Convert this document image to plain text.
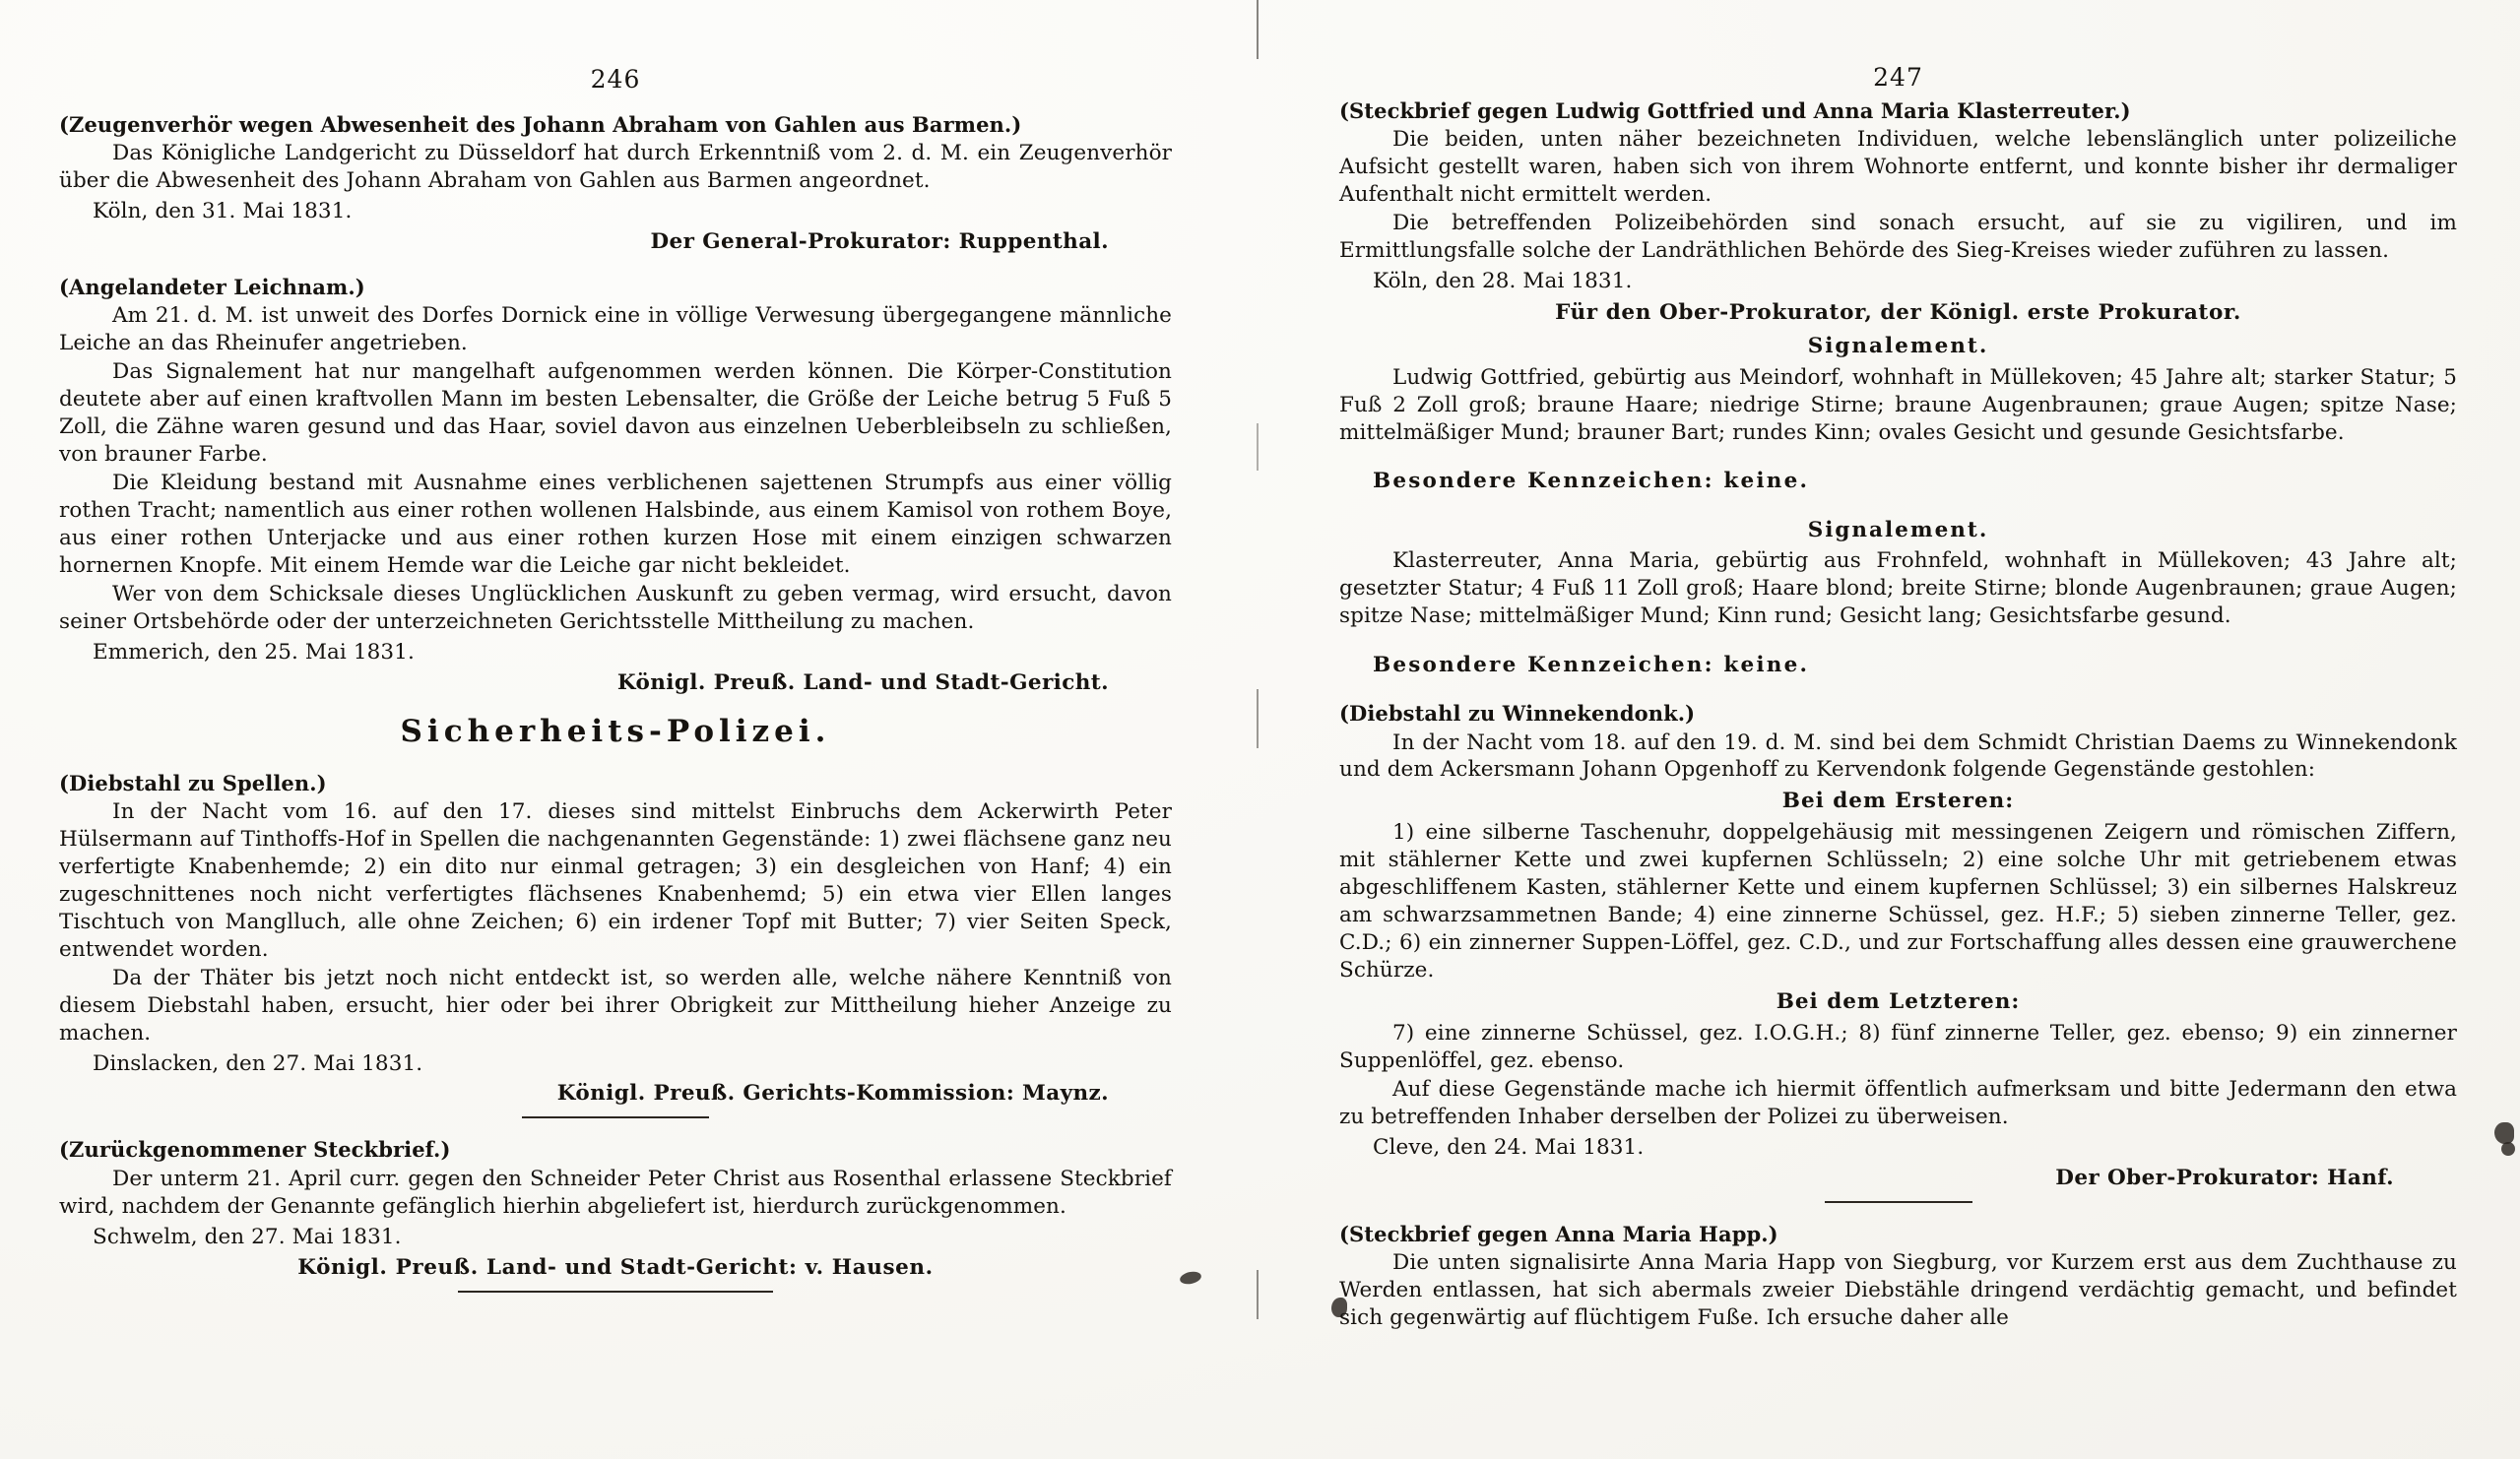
246
(Zeugenverhör wegen Abwesenheit des Johann Abraham von Gahlen aus Barmen.)

Das Königliche Landgericht zu Düsseldorf hat durch Erkenntniß vom 2. d. M. ein Zeugenverhör über die Abwesenheit des Johann Abraham von Gahlen aus Barmen angeordnet.

Köln, den 31. Mai 1831.

Der General-Prokurator: Ruppenthal.

(Angelandeter Leichnam.)

Am 21. d. M. ist unweit des Dorfes Dornick eine in völlige Verwesung übergegangene männliche Leiche an das Rheinufer angetrieben.

Das Signalement hat nur mangelhaft aufgenommen werden können. Die Körper-Constitution deutete aber auf einen kraftvollen Mann im besten Lebensalter, die Größe der Leiche betrug 5 Fuß 5 Zoll, die Zähne waren gesund und das Haar, soviel davon aus einzelnen Ueberbleibseln zu schließen, von brauner Farbe.

Die Kleidung bestand mit Ausnahme eines verblichenen sajettenen Strumpfs aus einer völlig rothen Tracht; namentlich aus einer rothen wollenen Halsbinde, aus einem Kamisol von rothem Boye, aus einer rothen Unterjacke und aus einer rothen kurzen Hose mit einem einzigen schwarzen hornernen Knopfe. Mit einem Hemde war die Leiche gar nicht bekleidet.

Wer von dem Schicksale dieses Unglücklichen Auskunft zu geben vermag, wird ersucht, davon seiner Ortsbehörde oder der unterzeichneten Gerichtsstelle Mittheilung zu machen.

Emmerich, den 25. Mai 1831.

Königl. Preuß. Land- und Stadt-Gericht.

Sicherheits-Polizei.
(Diebstahl zu Spellen.)

In der Nacht vom 16. auf den 17. dieses sind mittelst Einbruchs dem Ackerwirth Peter Hülsermann auf Tinthoffs-Hof in Spellen die nachgenannten Gegenstände: 1) zwei flächsene ganz neu verfertigte Knabenhemde; 2) ein dito nur einmal getragen; 3) ein desgleichen von Hanf; 4) ein zugeschnittenes noch nicht verfertigtes flächsenes Knabenhemd; 5) ein etwa vier Ellen langes Tischtuch von Manglluch, alle ohne Zeichen; 6) ein irdener Topf mit Butter; 7) vier Seiten Speck, entwendet worden.

Da der Thäter bis jetzt noch nicht entdeckt ist, so werden alle, welche nähere Kenntniß von diesem Diebstahl haben, ersucht, hier oder bei ihrer Obrigkeit zur Mittheilung hieher Anzeige zu machen.

Dinslacken, den 27. Mai 1831.

Königl. Preuß. Gerichts-Kommission: Maynz.

(Zurückgenommener Steckbrief.)

Der unterm 21. April curr. gegen den Schneider Peter Christ aus Rosenthal erlassene Steckbrief wird, nachdem der Genannte gefänglich hierhin abgeliefert ist, hierdurch zurückgenommen.

Schwelm, den 27. Mai 1831.

Königl. Preuß. Land- und Stadt-Gericht: v. Hausen.

247
(Steckbrief gegen Ludwig Gottfried und Anna Maria Klasterreuter.)

Die beiden, unten näher bezeichneten Individuen, welche lebenslänglich unter polizeiliche Aufsicht gestellt waren, haben sich von ihrem Wohnorte entfernt, und konnte bisher ihr dermaliger Aufenthalt nicht ermittelt werden.

Die betreffenden Polizeibehörden sind sonach ersucht, auf sie zu vigiliren, und im Ermittlungsfalle solche der Landräthlichen Behörde des Sieg-Kreises wieder zuführen zu lassen.

Köln, den 28. Mai 1831.

Für den Ober-Prokurator, der Königl. erste Prokurator.

Signalement.

Ludwig Gottfried, gebürtig aus Meindorf, wohnhaft in Müllekoven; 45 Jahre alt; starker Statur; 5 Fuß 2 Zoll groß; braune Haare; niedrige Stirne; braune Augenbraunen; graue Augen; spitze Nase; mittelmäßiger Mund; brauner Bart; rundes Kinn; ovales Gesicht und gesunde Gesichtsfarbe.

Besondere Kennzeichen: keine.

Signalement.

Klasterreuter, Anna Maria, gebürtig aus Frohnfeld, wohnhaft in Müllekoven; 43 Jahre alt; gesetzter Statur; 4 Fuß 11 Zoll groß; Haare blond; breite Stirne; blonde Augenbraunen; graue Augen; spitze Nase; mittelmäßiger Mund; Kinn rund; Gesicht lang; Gesichtsfarbe gesund.

Besondere Kennzeichen: keine.

(Diebstahl zu Winnekendonk.)

In der Nacht vom 18. auf den 19. d. M. sind bei dem Schmidt Christian Daems zu Winnekendonk und dem Ackersmann Johann Opgenhoff zu Kervendonk folgende Gegenstände gestohlen:

Bei dem Ersteren:

1) eine silberne Taschenuhr, doppelgehäusig mit messingenen Zeigern und römischen Ziffern, mit stählerner Kette und zwei kupfernen Schlüsseln; 2) eine solche Uhr mit getriebenem etwas abgeschliffenem Kasten, stählerner Kette und einem kupfernen Schlüssel; 3) ein silbernes Halskreuz am schwarzsammetnen Bande; 4) eine zinnerne Schüssel, gez. H.F.; 5) sieben zinnerne Teller, gez. C.D.; 6) ein zinnerner Suppen-Löffel, gez. C.D., und zur Fortschaffung alles dessen eine grauwerchene Schürze.

Bei dem Letzteren:

7) eine zinnerne Schüssel, gez. I.O.G.H.; 8) fünf zinnerne Teller, gez. ebenso; 9) ein zinnerner Suppenlöffel, gez. ebenso.

Auf diese Gegenstände mache ich hiermit öffentlich aufmerksam und bitte Jedermann den etwa zu betreffenden Inhaber derselben der Polizei zu überweisen.

Cleve, den 24. Mai 1831.

Der Ober-Prokurator: Hanf.

(Steckbrief gegen Anna Maria Happ.)

Die unten signalisirte Anna Maria Happ von Siegburg, vor Kurzem erst aus dem Zuchthause zu Werden entlassen, hat sich abermals zweier Diebstähle dringend verdächtig gemacht, und befindet sich gegenwärtig auf flüchtigem Fuße. Ich ersuche daher alle
